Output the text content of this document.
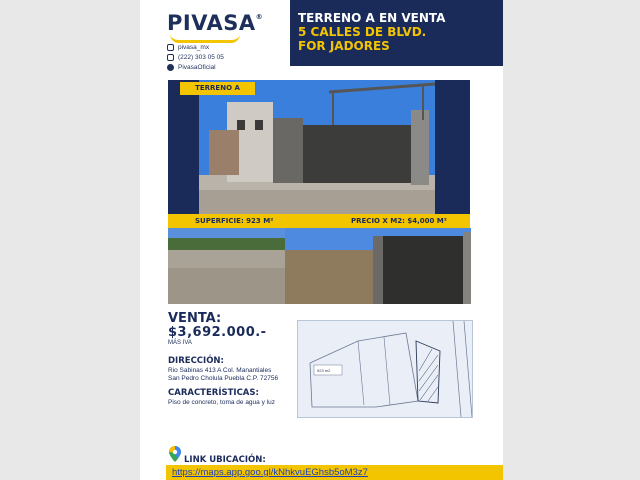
PIVASA®
pivasa_mx
(222) 303 05 05
PivasaOficial
TERRENO A EN VENTA
5 CALLES DE BLVD.
FOR JADORES
TERRENO A
SUPERFICIE: 923 M²	PRECIO X M2: $4,000 M²
VENTA:
$3,692.000.-
MÁS IVA
DIRECCIÓN:
Rio Sabinas 413 A Col. Manantiales
San Pedro Cholula Puebla C.P. 72756
CARACTERÍSTICAS:
Piso de concreto, toma de agua y luz
923 m2
LINK UBICACIÓN:
https://maps.app.goo.gl/kNhkvuEGhsb5oM3z7
